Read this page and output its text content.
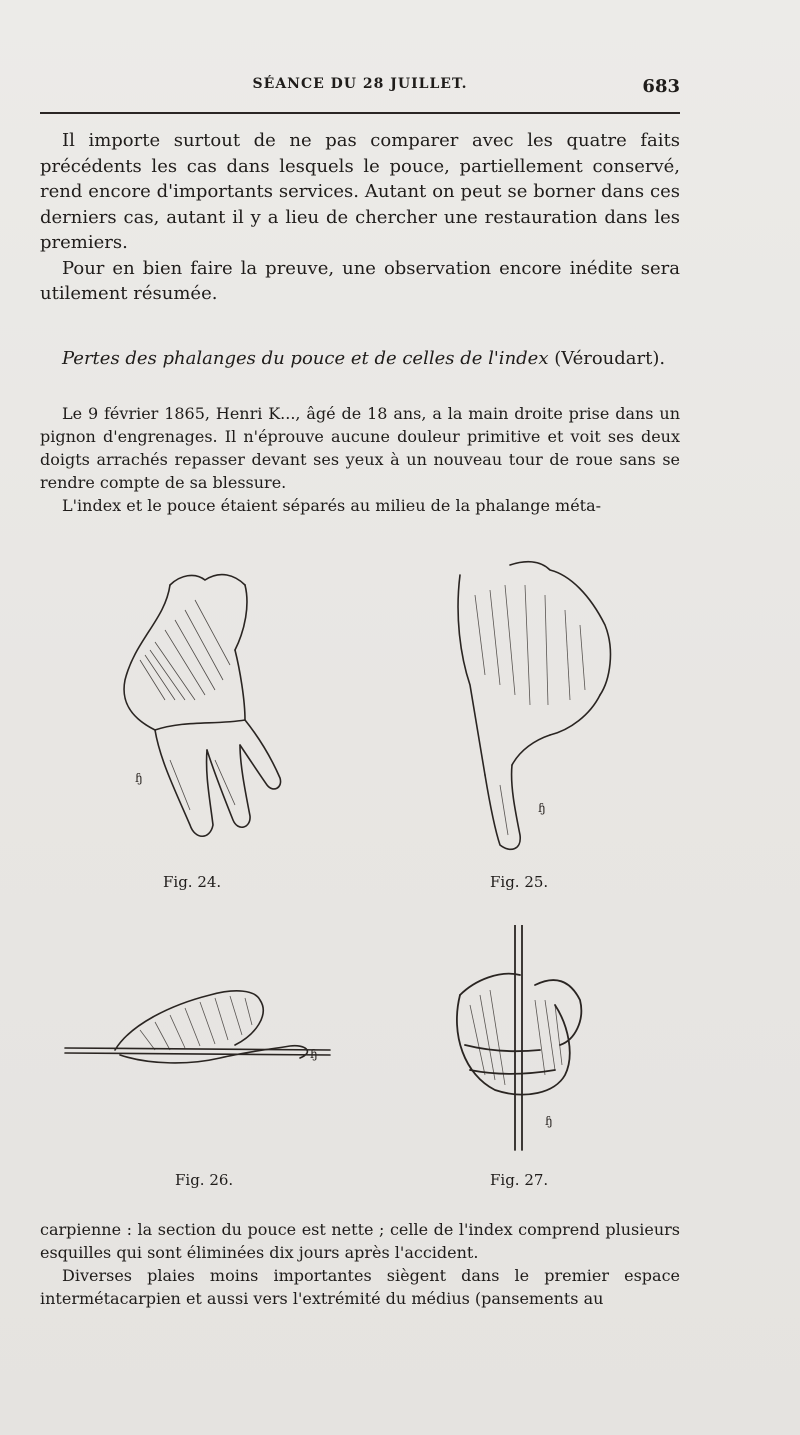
SÉANCE DU 28 JUILLET.	683

Il importe surtout de ne pas comparer avec les quatre faits précédents les cas dans lesquels le pouce, partiellement conservé, rend encore d'importants services. Autant on peut se borner dans ces derniers cas, autant il y a lieu de chercher une restauration dans les premiers.

Pour en bien faire la preuve, une observation encore inédite sera utilement résumée.

Pertes des phalanges du pouce et de celles de l'index (Véroudart).

Le 9 février 1865, Henri K..., âgé de 18 ans, a la main droite prise dans un pignon d'engrenages. Il n'éprouve aucune douleur primitive et voit ses deux doigts arrachés repasser devant ses yeux à un nouveau tour de roue sans se rendre compte de sa blessure.

L'index et le pouce étaient séparés au milieu de la phalange méta-

ɧ
Fig. 24.
ɧ
Fig. 25.
ɧ
Fig. 26.
ɧ
Fig. 27.

carpienne : la section du pouce est nette ; celle de l'index comprend plusieurs esquilles qui sont éliminées dix jours après l'accident.

Diverses plaies moins importantes siègent dans le premier espace intermétacarpien et aussi vers l'extrémité du médius (pansements au
